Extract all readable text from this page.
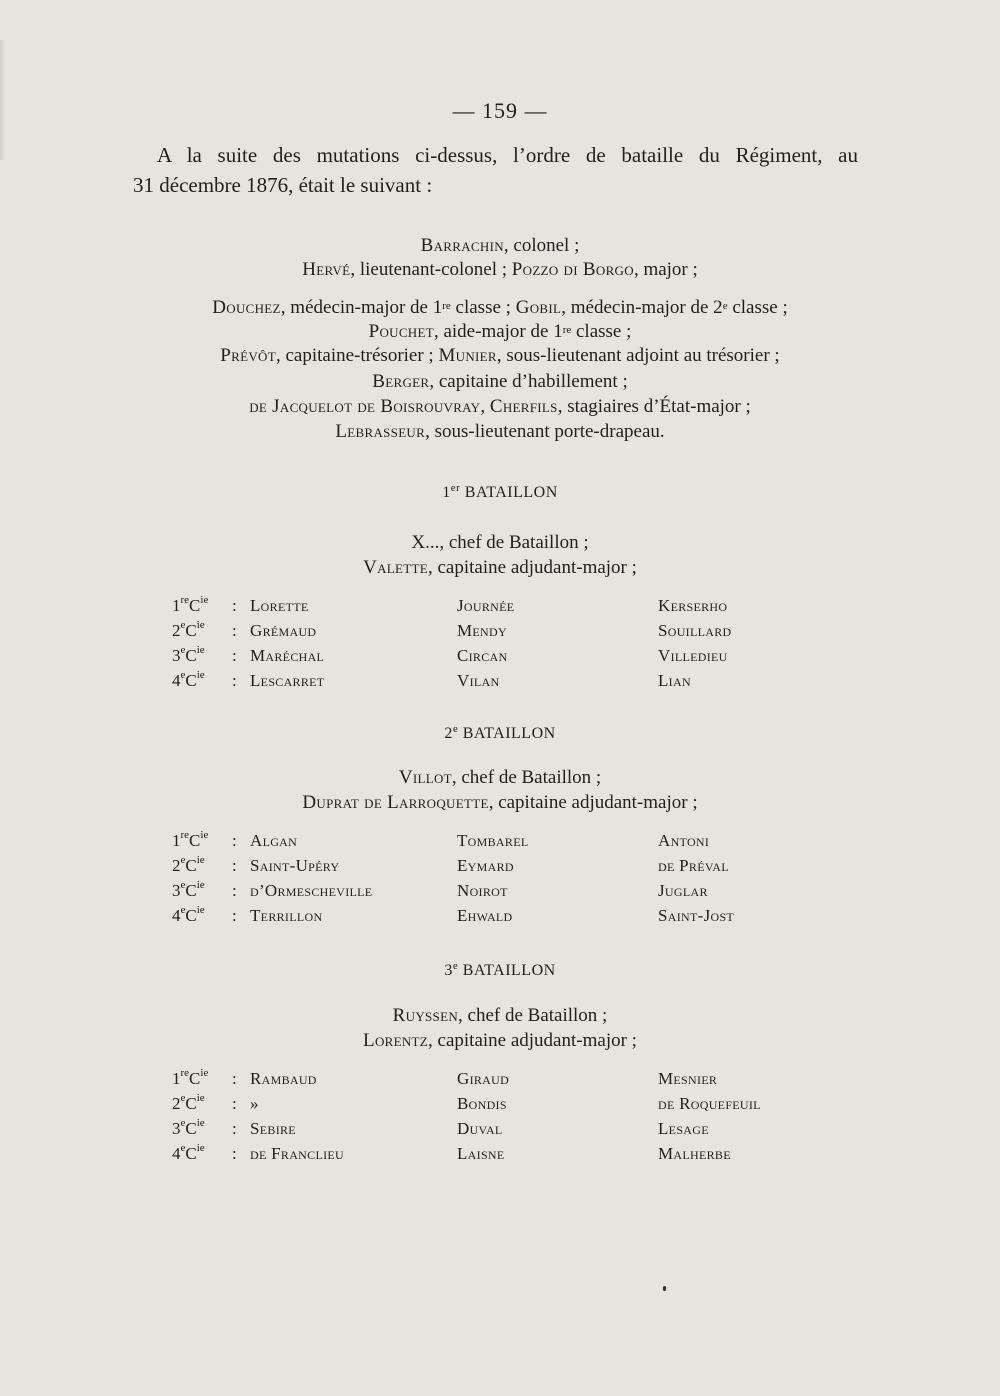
— 159 —
A la suite des mutations ci-dessus, l’ordre de bataille du Régiment, au
31 décembre 1876, était le suivant :
Barrachin, colonel ;
Hervé, lieutenant-colonel ; Pozzo di Borgo, major ;
Douchez, médecin-major de 1re classe ; Gobil, médecin-major de 2e classe ;
Pouchet, aide-major de 1re classe ;
Prévôt, capitaine-trésorier ; Munier, sous-lieutenant adjoint au trésorier ;
Berger, capitaine d’habillement ;
de Jacquelot de Boisrouvray, Cherfils, stagiaires d’État-major ;
Lebrasseur, sous-lieutenant porte-drapeau.
1er BATAILLON
X..., chef de Bataillon ;
Valette, capitaine adjudant-major ;
$1reC^{ie}$ : Lorette	Journée	Kerserho
$2eC^{ie}$ : Grémaud	Mendy	Souillard
$3eC^{ie}$ : Maréchal	Circan	Villedieu
$4eC^{ie}$ : Lescarret	Vilan	Lian
2e BATAILLON
Villot, chef de Bataillon ;
Duprat de Larroquette, capitaine adjudant-major ;
$1reC^{ie}$ : Algan	Tombarel	Antoni
$2eC^{ie}$ : Saint-Upéry	Eymard	de Préval
$3eC^{ie}$ : d’Ormescheville	Noirot	Juglar
$4eC^{ie}$ : Terrillon	Ehwald	Saint-Jost
3e BATAILLON
Ruyssen, chef de Bataillon ;
Lorentz, capitaine adjudant-major ;
$1reC^{ie}$ : Rambaud	Giraud	Mesnier
$2eC^{ie}$ : »	Bondis	de Roquefeuil
$3eC^{ie}$ : Sebire	Duval	Lesage
$4eC^{ie}$ : de Franclieu	Laisne	Malherbe
